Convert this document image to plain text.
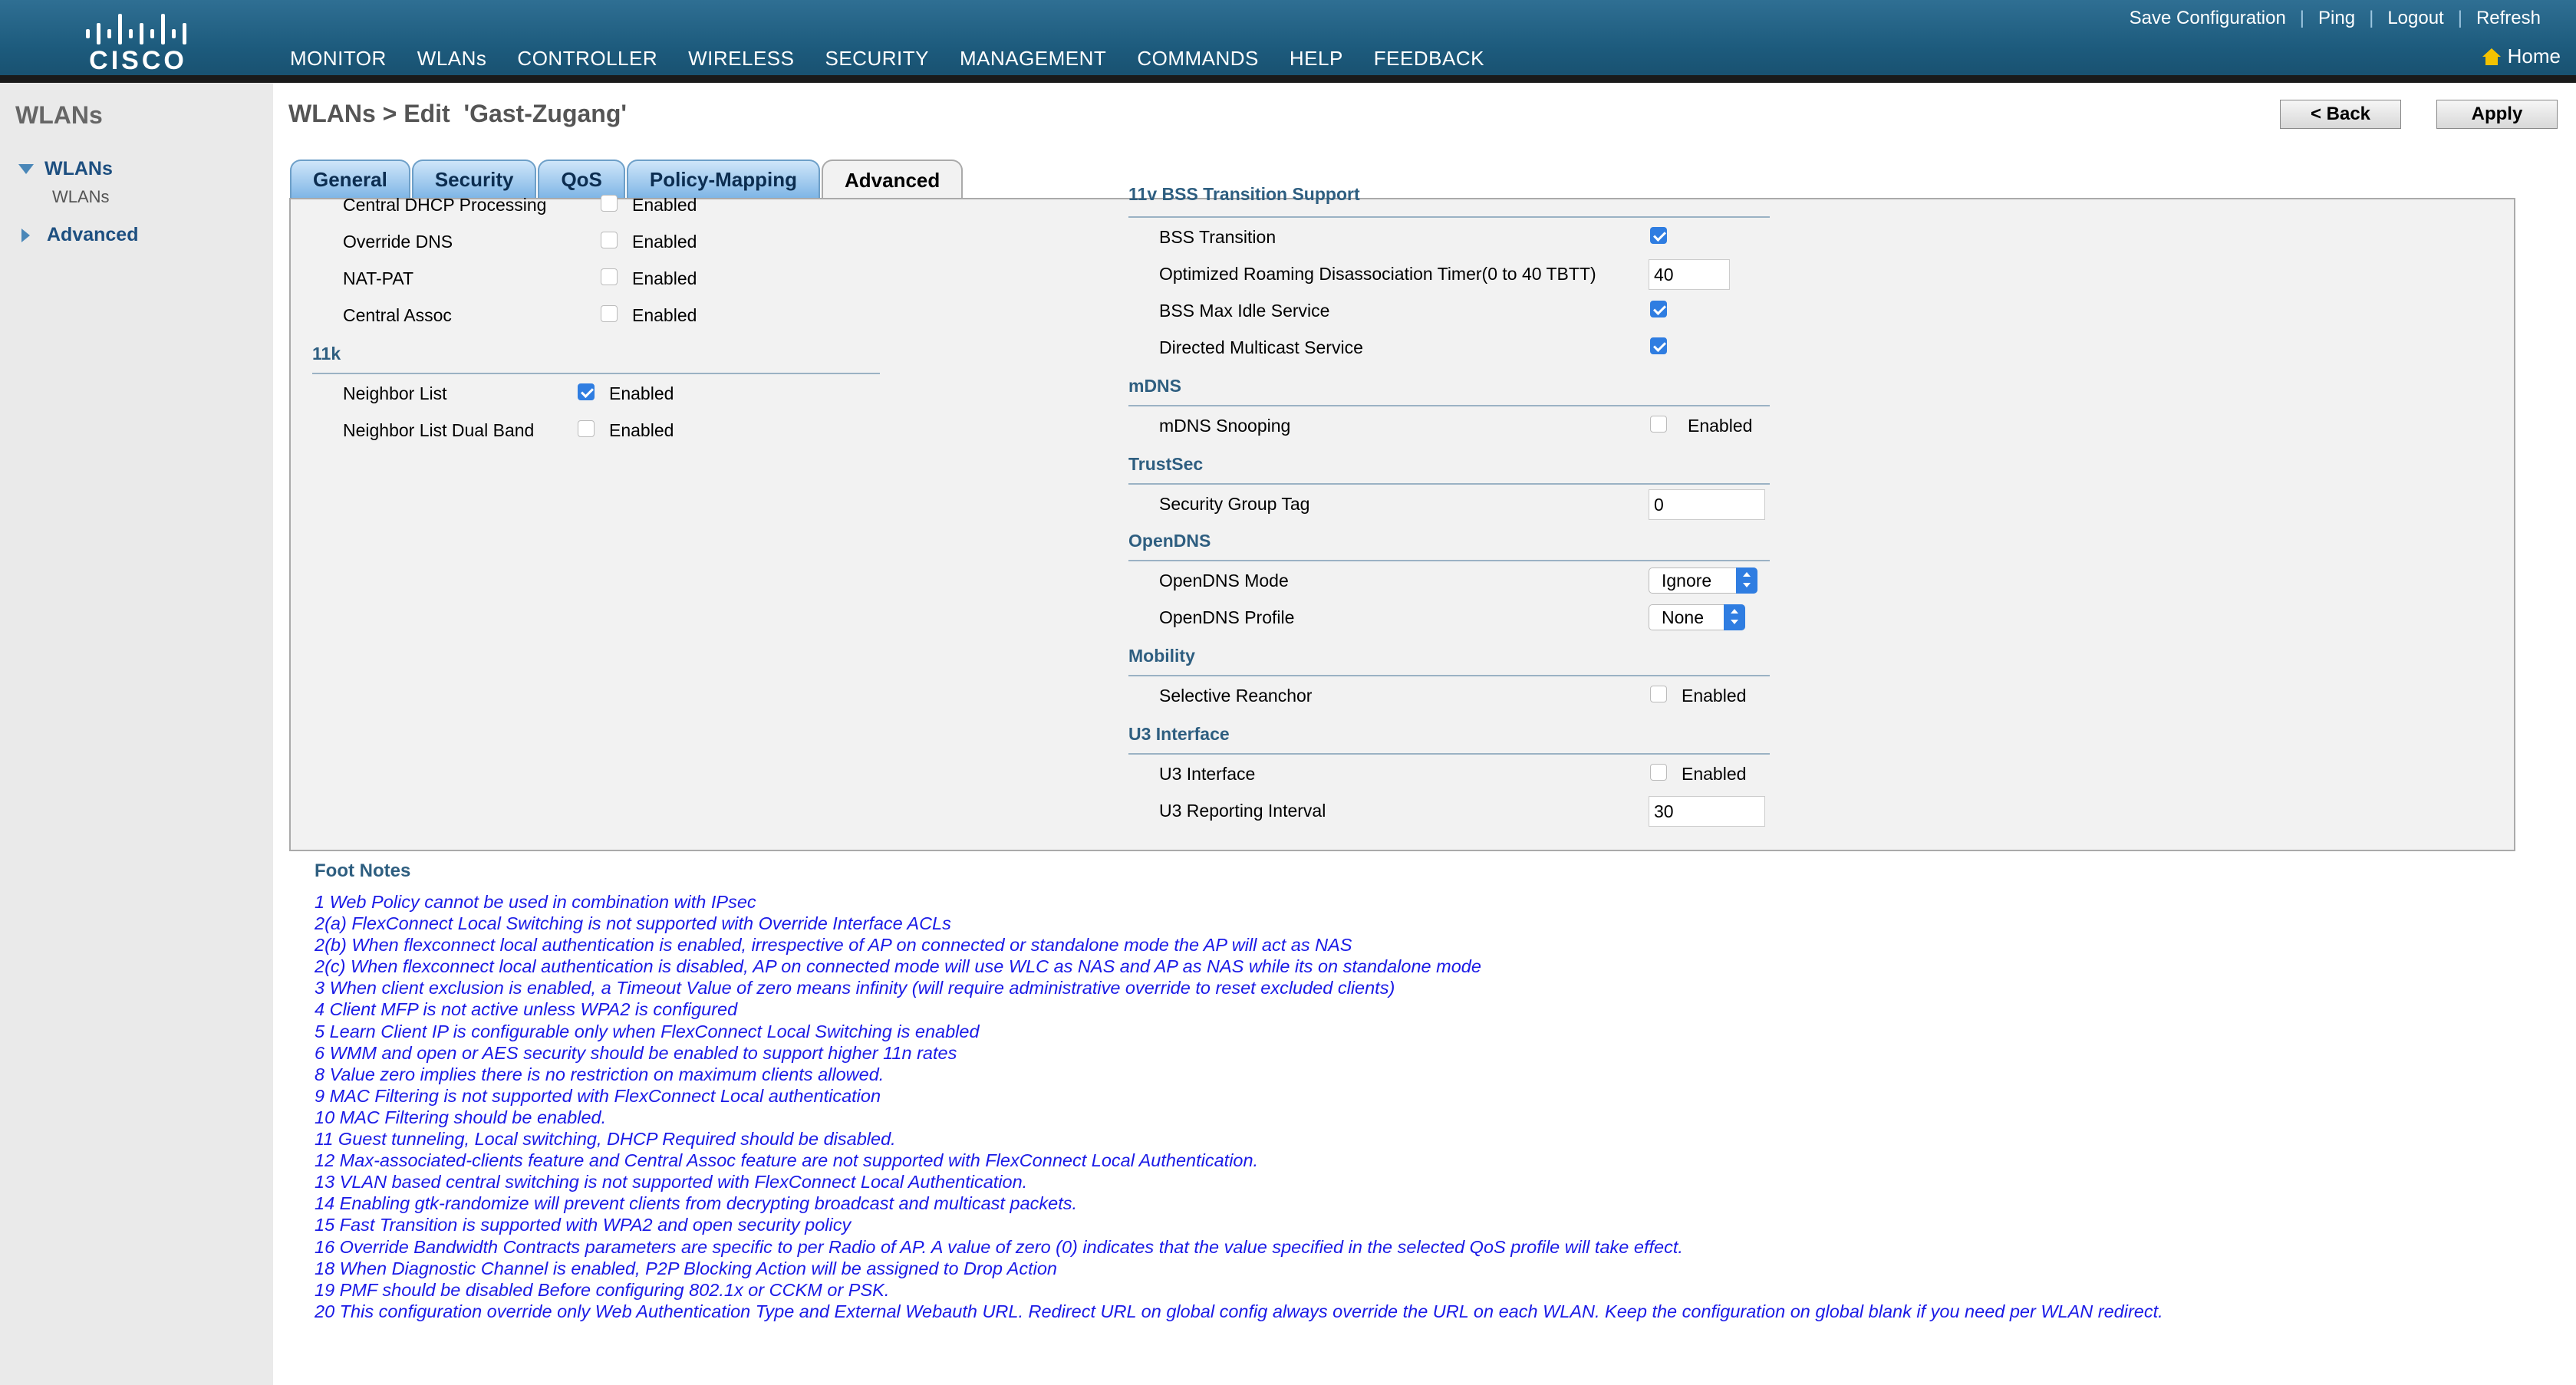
CISCO	MONITOR WLANs CONTROLLER WIRELESS SECURITY MANAGEMENT COMMANDS HELP FEEDBACK
Save Configuration | Ping | Logout | Refresh
Home
WLANs
WLANs
WLANs
Advanced
WLANs > Edit  'Gast-Zugang'	< Back	Apply
General	Security	QoS	Policy-Mapping	Advanced
Central DHCP Processing	Enabled
Override DNS	Enabled
NAT-PAT	Enabled
Central Assoc	Enabled
11k
Neighbor List	Enabled
Neighbor List Dual Band	Enabled
11v BSS Transition Support
BSS Transition
Optimized Roaming Disassociation Timer(0 to 40 TBTT)	40
BSS Max Idle Service
Directed Multicast Service
mDNS
mDNS Snooping	Enabled
TrustSec
Security Group Tag	0
OpenDNS
OpenDNS Mode	Ignore
OpenDNS Profile	None
Mobility
Selective Reanchor	Enabled
U3 Interface
U3 Interface	Enabled
U3 Reporting Interval	30
Foot Notes
1 Web Policy cannot be used in combination with IPsec
2(a) FlexConnect Local Switching is not supported with Override Interface ACLs
2(b) When flexconnect local authentication is enabled, irrespective of AP on connected or standalone mode the AP will act as NAS
2(c) When flexconnect local authentication is disabled, AP on connected mode will use WLC as NAS and AP as NAS while its on standalone mode
3 When client exclusion is enabled, a Timeout Value of zero means infinity (will require administrative override to reset excluded clients)
4 Client MFP is not active unless WPA2 is configured
5 Learn Client IP is configurable only when FlexConnect Local Switching is enabled
6 WMM and open or AES security should be enabled to support higher 11n rates
8 Value zero implies there is no restriction on maximum clients allowed.
9 MAC Filtering is not supported with FlexConnect Local authentication
10 MAC Filtering should be enabled.
11 Guest tunneling, Local switching, DHCP Required should be disabled.
12 Max-associated-clients feature and Central Assoc feature are not supported with FlexConnect Local Authentication.
13 VLAN based central switching is not supported with FlexConnect Local Authentication.
14 Enabling gtk-randomize will prevent clients from decrypting broadcast and multicast packets.
15 Fast Transition is supported with WPA2 and open security policy
16 Override Bandwidth Contracts parameters are specific to per Radio of AP. A value of zero (0) indicates that the value specified in the selected QoS profile will take effect.
18 When Diagnostic Channel is enabled, P2P Blocking Action will be assigned to Drop Action
19 PMF should be disabled Before configuring 802.1x or CCKM or PSK.
20 This configuration override only Web Authentication Type and External Webauth URL. Redirect URL on global config always override the URL on each WLAN. Keep the configuration on global blank if you need per WLAN redirect.
